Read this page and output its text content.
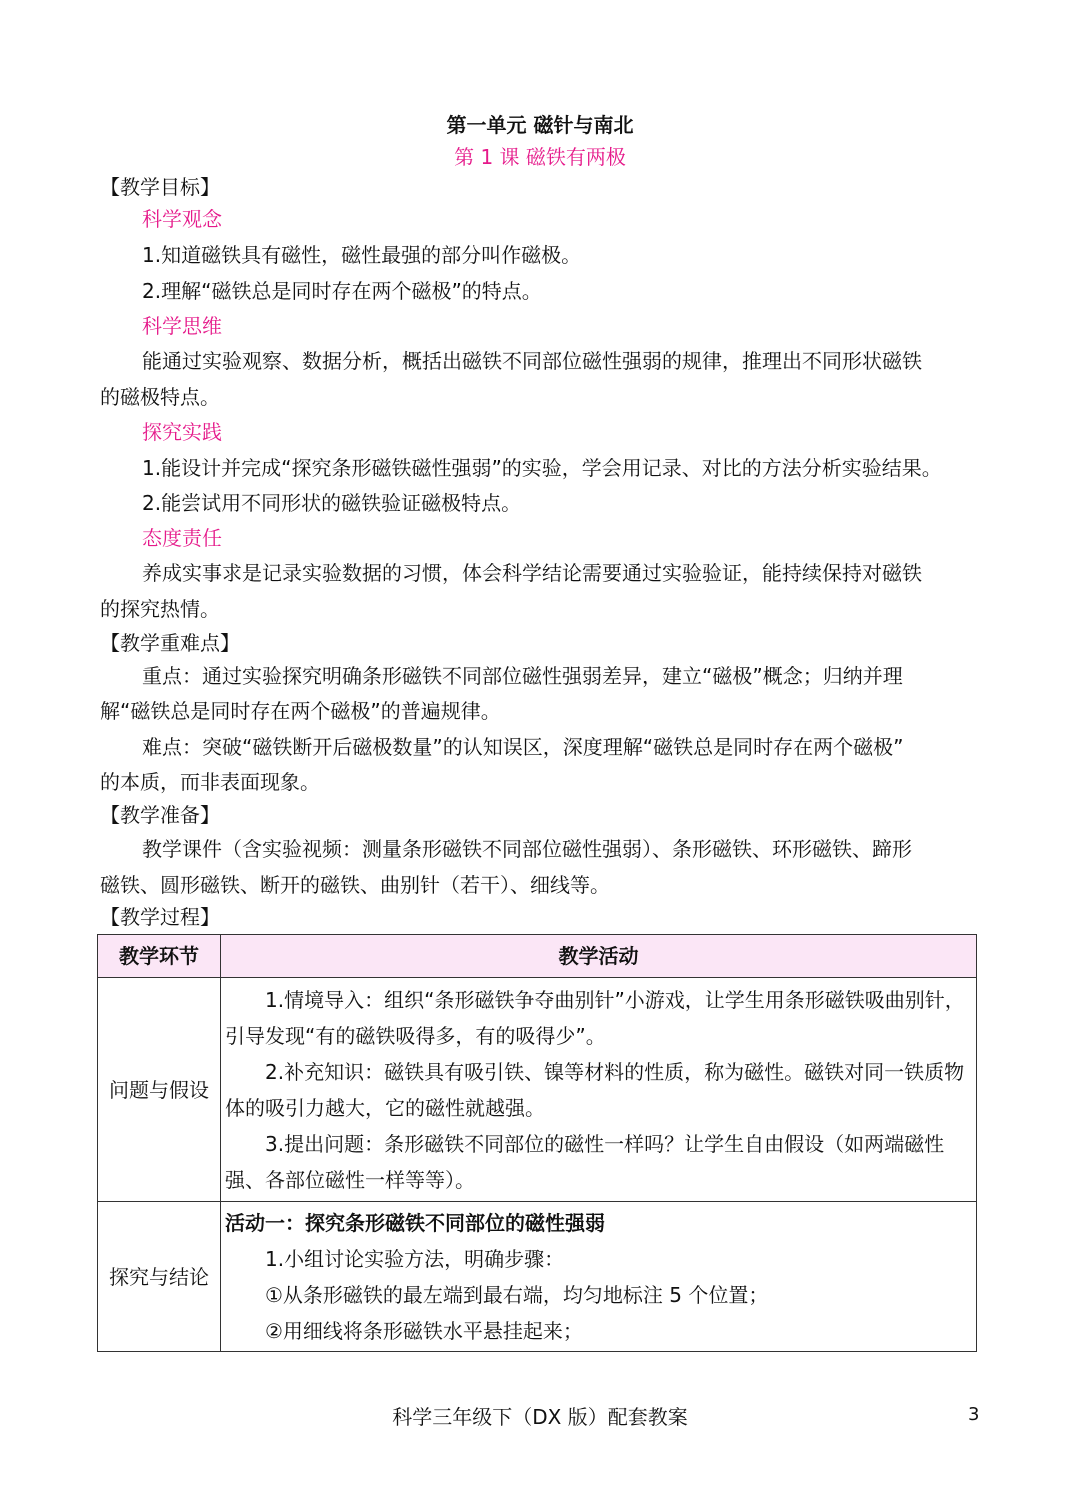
第一单元 磁针与南北
第 1 课 磁铁有两极
【教学目标】
科学观念
1.知道磁铁具有磁性，磁性最强的部分叫作磁极。
2.理解“磁铁总是同时存在两个磁极”的特点。
科学思维
能通过实验观察、数据分析，概括出磁铁不同部位磁性强弱的规律，推理出不同形状磁铁
的磁极特点。
探究实践
1.能设计并完成“探究条形磁铁磁性强弱”的实验，学会用记录、对比的方法分析实验结果。
2.能尝试用不同形状的磁铁验证磁极特点。
态度责任
养成实事求是记录实验数据的习惯，体会科学结论需要通过实验验证，能持续保持对磁铁
的探究热情。
【教学重难点】
重点：通过实验探究明确条形磁铁不同部位磁性强弱差异，建立“磁极”概念；归纳并理
解“磁铁总是同时存在两个磁极”的普遍规律。
难点：突破“磁铁断开后磁极数量”的认知误区，深度理解“磁铁总是同时存在两个磁极”
的本质，而非表面现象。
【教学准备】
教学课件（含实验视频：测量条形磁铁不同部位磁性强弱）、条形磁铁、环形磁铁、蹄形
磁铁、圆形磁铁、断开的磁铁、曲别针（若干）、细线等。
【教学过程】
教学环节	教学活动
问题与假设	1.情境导入：组织“条形磁铁争夺曲别针”小游戏，让学生用条形磁铁吸曲别针，引导发现“有的磁铁吸得多，有的吸得少”。
2.补充知识：磁铁具有吸引铁、镍等材料的性质，称为磁性。磁铁对同一铁质物体的吸引力越大，它的磁性就越强。
3.提出问题：条形磁铁不同部位的磁性一样吗？让学生自由假设（如两端磁性强、各部位磁性一样等等）。

探究与结论	活动一：探究条形磁铁不同部位的磁性强弱
1.小组讨论实验方法，明确步骤：
①从条形磁铁的最左端到最右端，均匀地标注 5 个位置；
②用细线将条形磁铁水平悬挂起来；
科学三年级下（DX 版）配套教案	3
